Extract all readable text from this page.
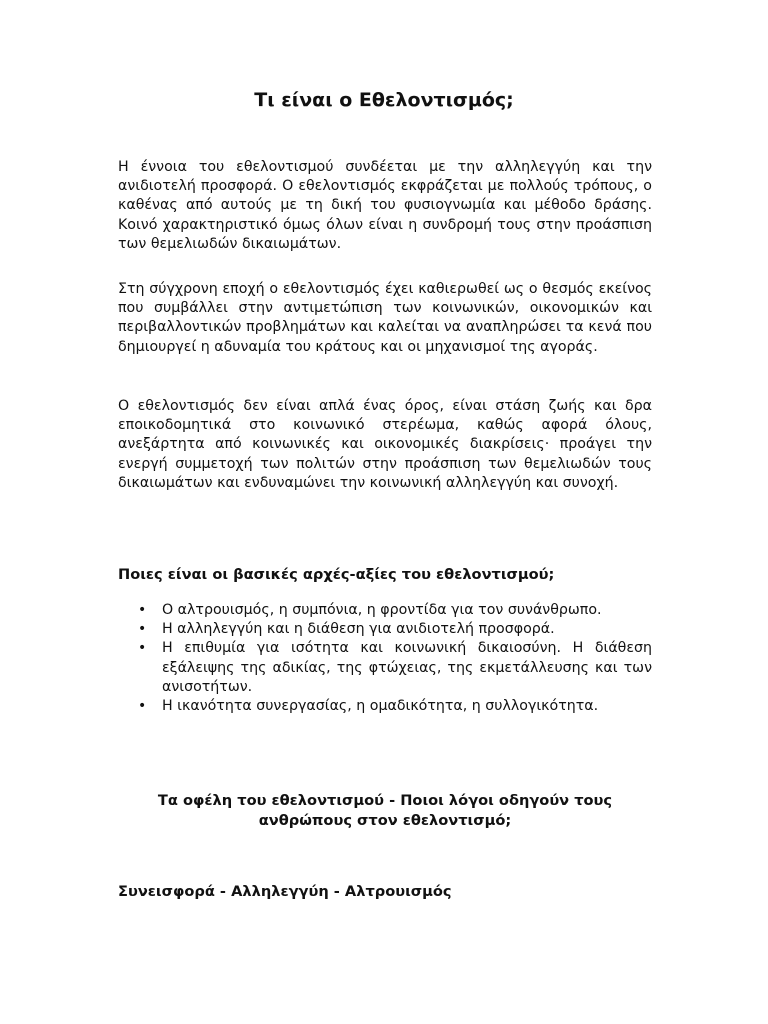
Τι είναι ο Εθελοντισμός;

Η έννοια του εθελοντισμού συνδέεται με την αλληλεγγύη και την ανιδιοτελή προσφορά. Ο εθελοντισμός εκφράζεται με πολλούς τρόπους, ο καθένας από αυτούς με τη δική του φυσιογνωμία και μέθοδο δράσης. Κοινό χαρακτηριστικό όμως όλων είναι η συνδρομή τους στην προάσπιση των θεμελιωδών δικαιωμάτων.

Στη σύγχρονη εποχή ο εθελοντισμός έχει καθιερωθεί ως ο θεσμός εκείνος που συμβάλλει στην αντιμετώπιση των κοινωνικών, οικονομικών και περιβαλλοντικών προβλημάτων και καλείται να αναπληρώσει τα κενά που δημιουργεί η αδυναμία του κράτους και οι μηχανισμοί της αγοράς.

Ο εθελοντισμός δεν είναι απλά ένας όρος, είναι στάση ζωής και δρα εποικοδομητικά στο κοινωνικό στερέωμα, καθώς αφορά όλους, ανεξάρτητα από κοινωνικές και οικονομικές διακρίσεις· προάγει την ενεργή συμμετοχή των πολιτών στην προάσπιση των θεμελιωδών τους δικαιωμάτων και ενδυναμώνει την κοινωνική αλληλεγγύη και συνοχή.

Ποιες είναι οι βασικές αρχές-αξίες του εθελοντισμού;
• Ο αλτρουισμός, η συμπόνια, η φροντίδα για τον συνάνθρωπο.
• Η αλληλεγγύη και η διάθεση για ανιδιοτελή προσφορά.
• Η επιθυμία για ισότητα και κοινωνική δικαιοσύνη. Η διάθεση εξάλειψης της αδικίας, της φτώχειας, της εκμετάλλευσης και των ανισοτήτων.
• Η ικανότητα συνεργασίας, η ομαδικότητα, η συλλογικότητα.
Τα οφέλη του εθελοντισμού - Ποιοι λόγοι οδηγούν τους ανθρώπους στον εθελοντισμό;
Συνεισφορά - Αλληλεγγύη - Αλτρουισμός
